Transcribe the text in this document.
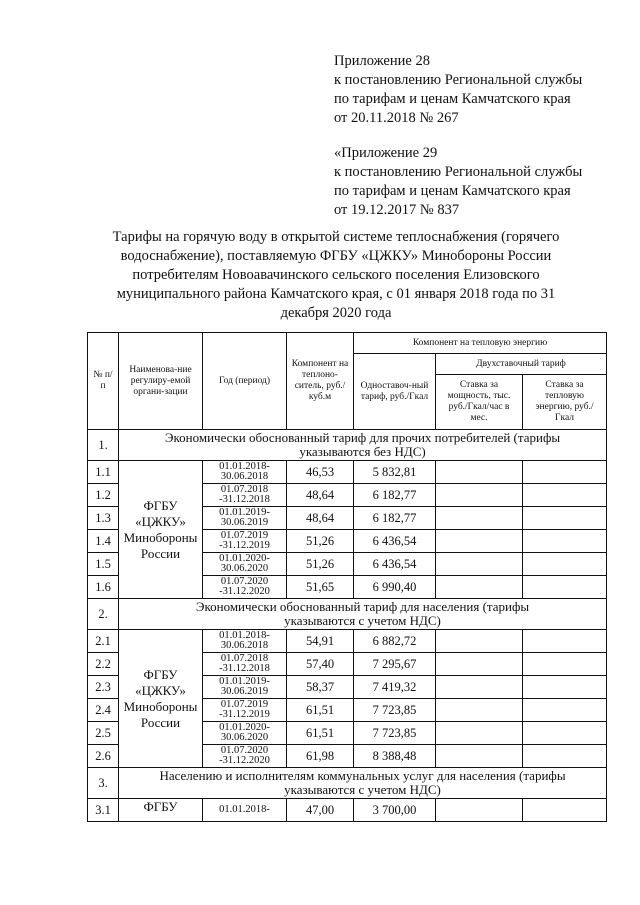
Приложение 28
к постановлению Региональной службы
по тарифам и ценам Камчатского края
от 20.11.2018 № 267
«Приложение 29
к постановлению Региональной службы
по тарифам и ценам Камчатского края
от 19.12.2017 № 837
Тарифы на горячую воду в открытой системе теплоснабжения (горячего водоснабжение), поставляемую ФГБУ «ЦЖКУ» Минобороны России потребителям Новоавачинского сельского поселения Елизовского муниципального района Камчатского края, с 01 января 2018 года по 31 декабря 2020 года
№ п/п	Наименова-ние регулиру-емой органи-зации	Год (период)	Компонент на теплоно-ситель, руб./куб.м	Компонент на тепловую энергию		
				Одноставоч-ный тариф, руб./Гкал	Двухставочный тариф	
					Ставка за мощность, тыс. руб./Гкал/час в мес.	Ставка за тепловую энергию, руб./Гкал
1.	Экономически обоснованный тариф для прочих потребителей (тарифы указываются без НДС)					
1.1	ФГБУ «ЦЖКУ» Минобороны России	01.01.2018-30.06.2018	46,53	5 832,81		
1.2		01.07.2018 -31.12.2018	48,64	6 182,77		
1.3		01.01.2019-30.06.2019	48,64	6 182,77		
1.4		01.07.2019 -31.12.2019	51,26	6 436,54		
1.5		01.01.2020-30.06.2020	51,26	6 436,54		
1.6		01.07.2020 -31.12.2020	51,65	6 990,40		
2.	Экономически обоснованный тариф для населения (тарифы указываются с учетом НДС)					
2.1	ФГБУ «ЦЖКУ» Минобороны России	01.01.2018-30.06.2018	54,91	6 882,72		
2.2		01.07.2018 -31.12.2018	57,40	7 295,67		
2.3		01.01.2019-30.06.2019	58,37	7 419,32		
2.4		01.07.2019 -31.12.2019	61,51	7 723,85		
2.5		01.01.2020-30.06.2020	61,51	7 723,85		
2.6		01.07.2020 -31.12.2020	61,98	8 388,48		
3.	Населению и исполнителям коммунальных услуг для населения (тарифы указываются с учетом НДС)					
3.1	ФГБУ	01.01.2018-	47,00	3 700,00		
